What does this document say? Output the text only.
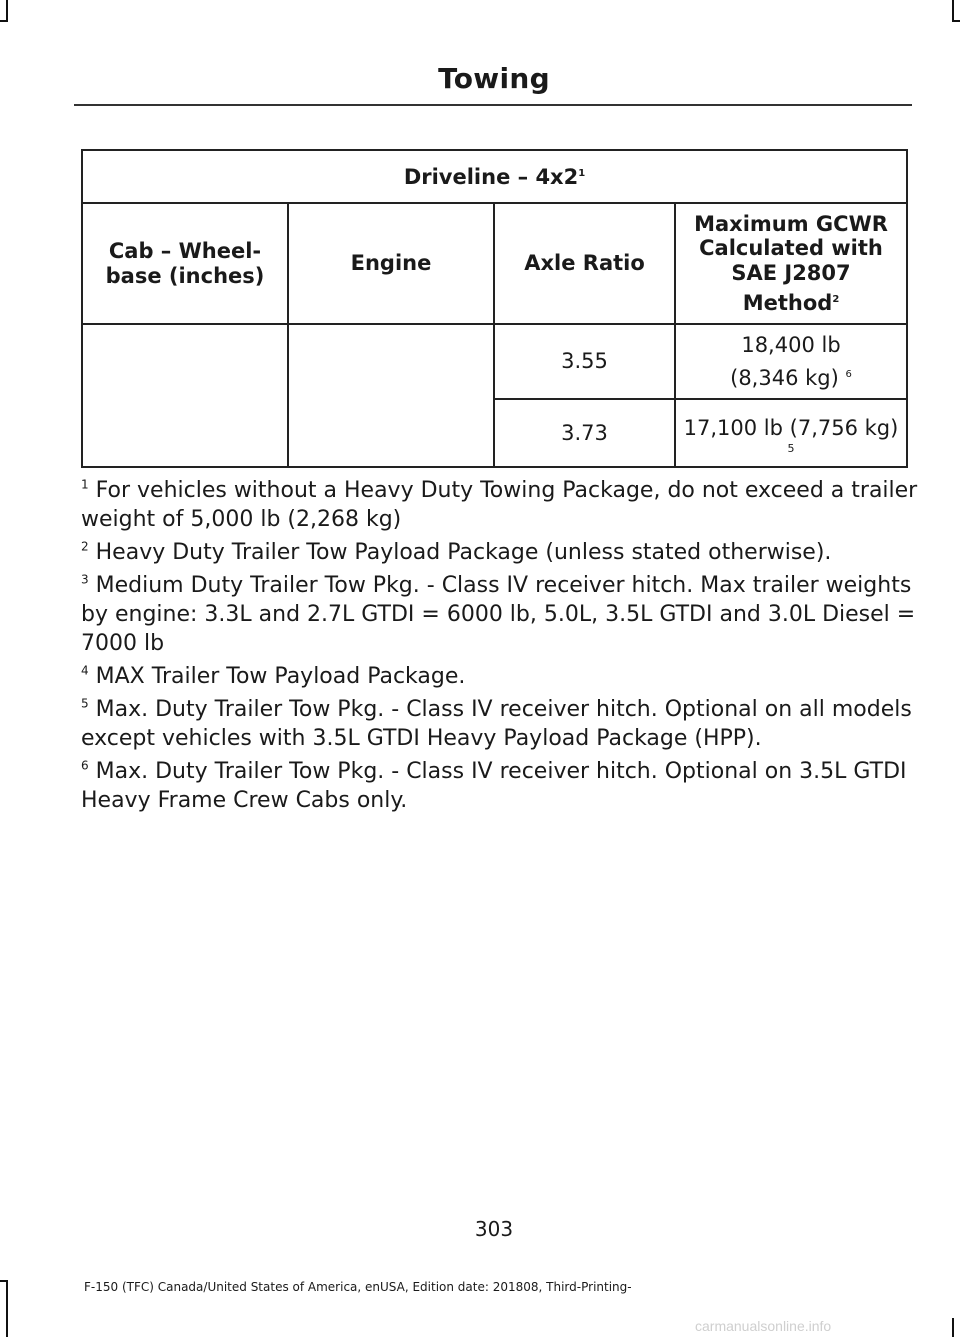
Towing
Driveline – $4x2^1$
Cab – Wheel-base (inches)	Engine	Axle Ratio	Maximum GCWR Calculated with SAE J2807
Method$^2$

		3.55	18,400 lb
(8,346 kg) $^6$
		3.73	17,100 lb (7,756 kg)
5

$^1$ For vehicles without a Heavy Duty Towing Package, do not exceed a trailer weight of 5,000 lb (2,268 kg)

$^2$ Heavy Duty Trailer Tow Payload Package (unless stated otherwise).

$^3$ Medium Duty Trailer Tow Pkg. - Class IV receiver hitch. Max trailer weights by engine: 3.3L and 2.7L GTDI = 6000 lb, 5.0L, 3.5L GTDI and 3.0L Diesel = 7000 lb

$^4$ MAX Trailer Tow Payload Package.

$^5$ Max. Duty Trailer Tow Pkg. - Class IV receiver hitch. Optional on all models except vehicles with 3.5L GTDI Heavy Payload Package (HPP).

$^6$ Max. Duty Trailer Tow Pkg. - Class IV receiver hitch. Optional on 3.5L GTDI Heavy Frame Crew Cabs only.

303
F-150 (TFC) Canada/United States of America, enUSA, Edition date: 201808, Third-Printing-
carmanualsonline.info
